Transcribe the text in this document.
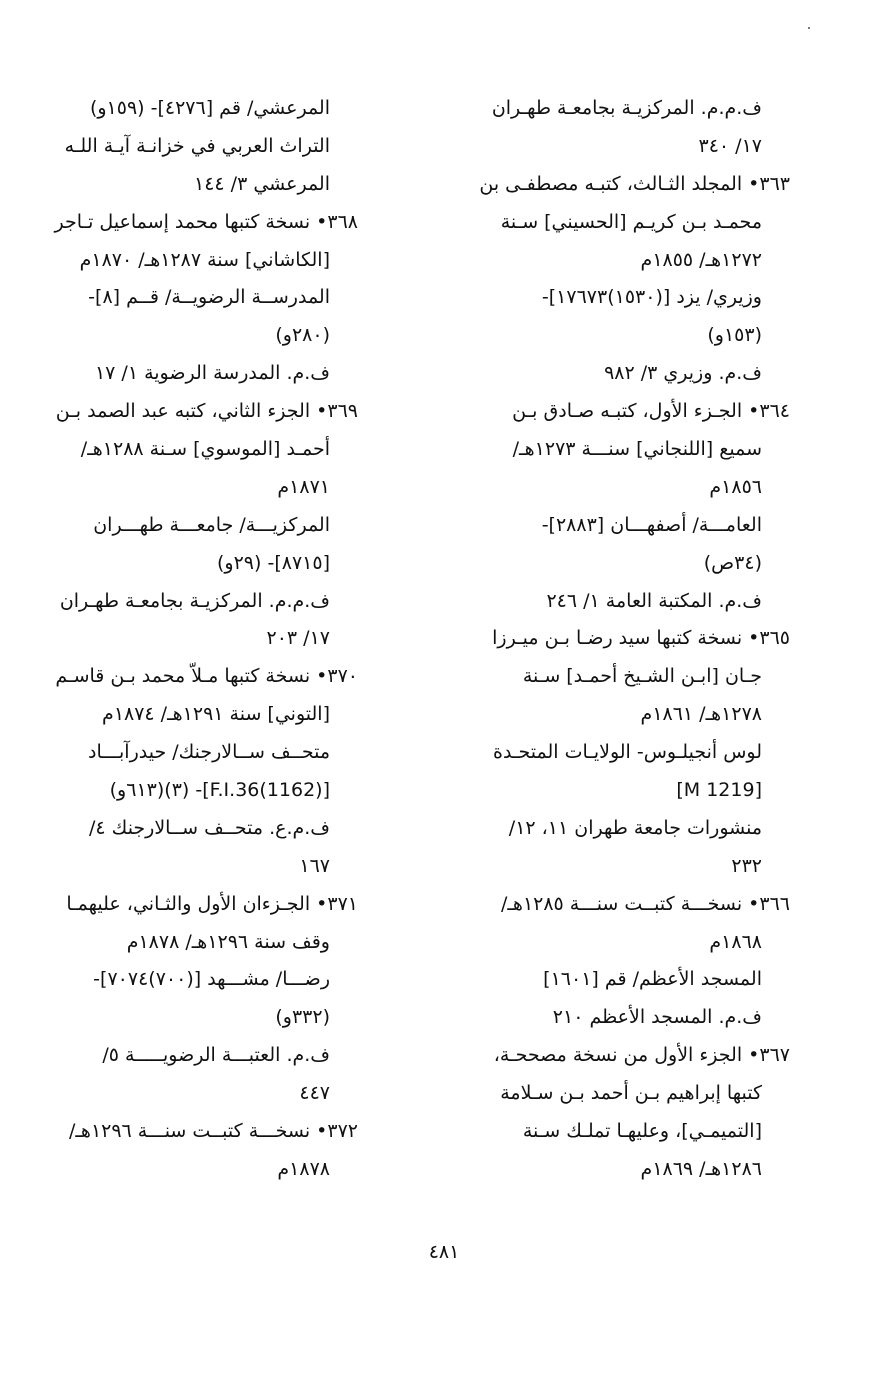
ف.م.م. المركزيـة بجامعـة طهـران
١٧/ ٣٤٠
٣٦٣• المجلد الثـالث، كتبـه مصطفـى بن
محمـد بـن كريـم [الحسيني] سـنة
١٢٧٢هـ/ ١٨٥٥م
وزيري/ يزد [(١٥٣٠)١٧٦٧٣]-
(١٥٣و)
ف.م. وزيري ٣/ ٩٨٢
٣٦٤• الجـزء الأول، كتبـه صـادق بـن
سميع [اللنجاني] سنـــة ١٢٧٣هـ/
١٨٥٦م
العامـــة/ أصفهـــان [٢٨٨٣]-
(٣٤ص)
ف.م. المكتبة العامة ١/ ٢٤٦
٣٦٥• نسخة كتبها سيد رضـا بـن ميـرزا
جـان [ابـن الشـيخ أحمـد] سـنة
١٢٧٨هـ/ ١٨٦١م
لوس أنجيلـوس- الولايـات المتحـدة
[M 1219]
منشورات جامعة طهران ١١، ١٢/
٢٣٢
٣٦٦• نسخـــة كتبــت سنـــة ١٢٨٥هـ/
١٨٦٨م
المسجد الأعظم/ قم [١٦٠١]
ف.م. المسجد الأعظم ٢١٠
٣٦٧• الجزء الأول من نسخة مصححـة،
كتبها إبراهيم بـن أحمد بـن سـلامة
[التميمـي]، وعليهـا تملـك سـنة
١٢٨٦هـ/ ١٨٦٩م
المرعشي/ قم [٤٢٧٦]- (١٥٩و)
التراث العربي في خزانـة آيـة اللـه
المرعشي ٣/ ١٤٤
٣٦٨• نسخة كتبها محمد إسماعيل تـاجر
[الكاشاني] سنة ١٢٨٧هـ/ ١٨٧٠م
المدرســة الرضويــة/ قــم [٨]-
(٢٨٠و)
ف.م. المدرسة الرضوية ١/ ١٧
٣٦٩• الجزء الثاني، كتبه عبد الصمد بـن
أحمـد [الموسوي] سـنة ١٢٨٨هـ/
١٨٧١م
المركزيـــة/ جامعـــة طهـــران
[٨٧١٥]- (٢٩و)
ف.م.م. المركزيـة بجامعـة طهـران
١٧/ ٢٠٣
٣٧٠• نسخة كتبها مـلاّ محمد بـن قاسـم
[التوني] سنة ١٢٩١هـ/ ١٨٧٤م
متحــف ســالارجنك/ حيدرآبـــاد
[(1162)F.I.36]- (٣)(٦١٣و)
ف.م.ع. متحــف ســالارجنك ٤/
١٦٧
٣٧١• الجـزءان الأول والثـاني، عليهمـا
وقف سنة ١٢٩٦هـ/ ١٨٧٨م
رضـــا/ مشـــهد [(٧٠٠)٧٠٧٤]-
(٣٣٢و)
ف.م. العتبـــة الرضويـــــة ٥/
٤٤٧
٣٧٢• نسخـــة كتبــت سنـــة ١٢٩٦هـ/
١٨٧٨م
٤٨١
